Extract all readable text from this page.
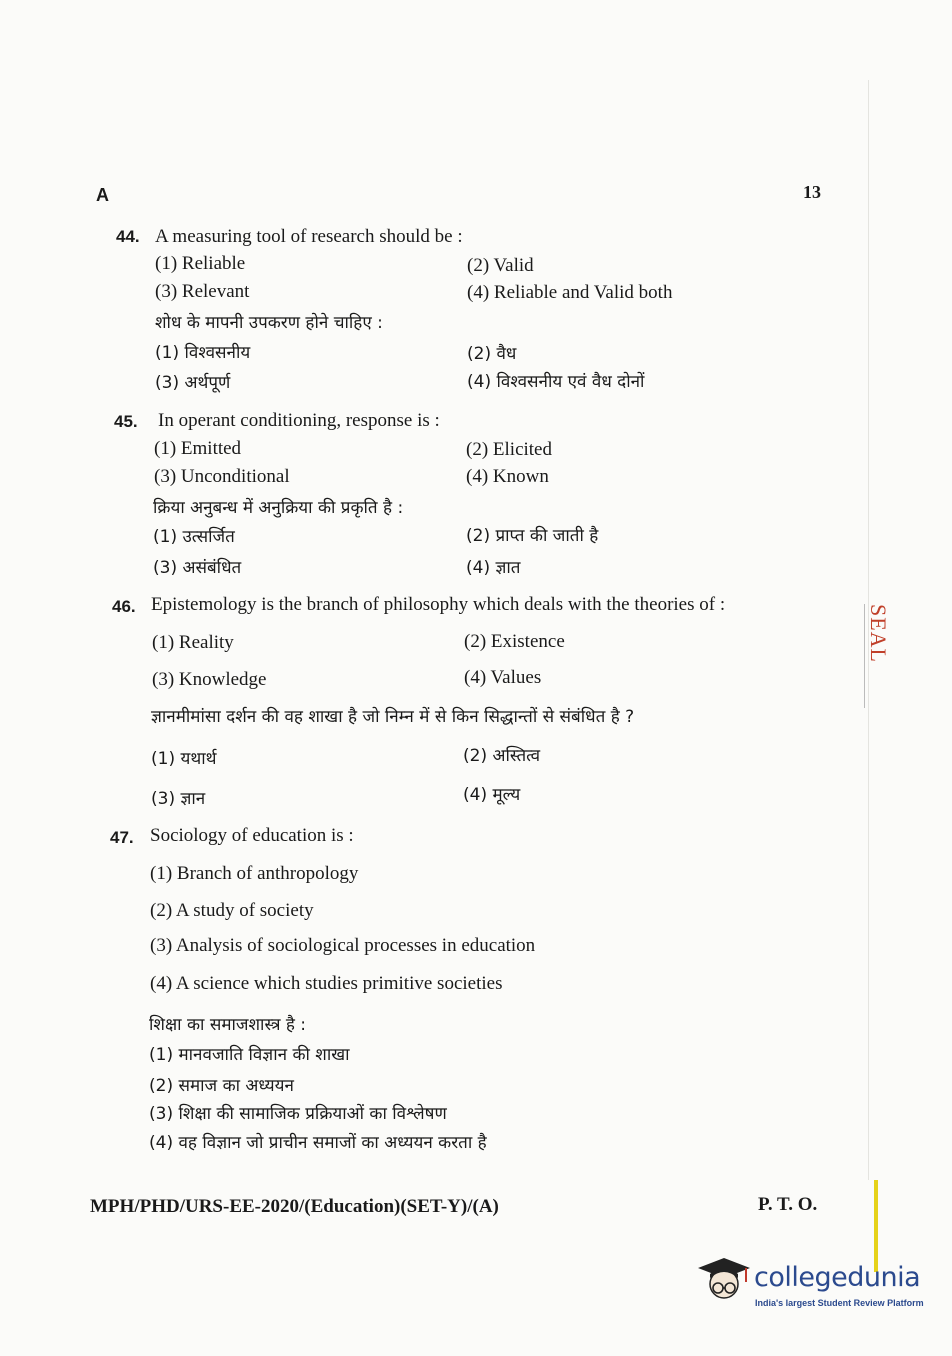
A	13
44. A measuring tool of research should be :
(1) Reliable	(2) Valid
(3) Relevant	(4) Reliable and Valid both
शोध के मापनी उपकरण होने चाहिए :
(1) विश्वसनीय	(2) वैध
(3) अर्थपूर्ण	(4) विश्वसनीय एवं वैध दोनों
45. In operant conditioning, response is :
(1) Emitted	(2) Elicited
(3) Unconditional	(4) Known
क्रिया अनुबन्ध में अनुक्रिया की प्रकृति है :
(1) उत्सर्जित	(2) प्राप्त की जाती है
(3) असंबंधित	(4) ज्ञात
46. Epistemology is the branch of philosophy which deals with the theories of :
(1) Reality	(2) Existence
(3) Knowledge	(4) Values
ज्ञानमीमांसा दर्शन की वह शाखा है जो निम्न में से किन सिद्धान्तों से संबंधित है ?
(1) यथार्थ	(2) अस्तित्व
(3) ज्ञान	(4) मूल्य
47. Sociology of education is :
(1) Branch of anthropology
(2) A study of society
(3) Analysis of sociological processes in education
(4) A science which studies primitive societies
शिक्षा का समाजशास्त्र है :
(1) मानवजाति विज्ञान की शाखा
(2) समाज का अध्ययन
(3) शिक्षा की सामाजिक प्रक्रियाओं का विश्लेषण
(4) वह विज्ञान जो प्राचीन समाजों का अध्ययन करता है
SEAL
MPH/PHD/URS-EE-2020/(Education)(SET-Y)/(A)	P. T. O.
collegedunia
India's largest Student Review Platform
